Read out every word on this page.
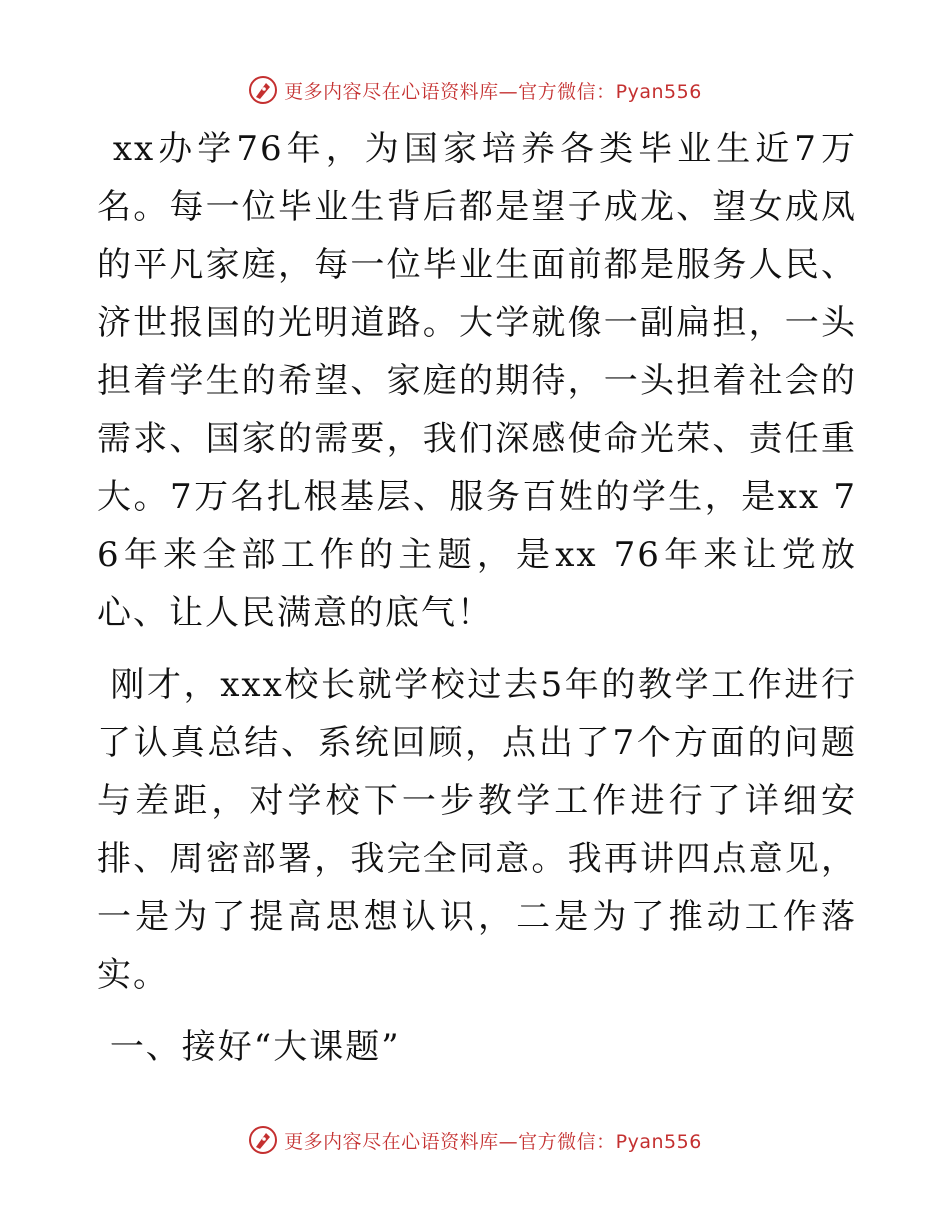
更多内容尽在心语资料库—官方微信：Pyan556

xx办学76年，为国家培养各类毕业生近7万名。每一位毕业生背后都是望子成龙、望女成凤的平凡家庭，每一位毕业生面前都是服务人民、济世报国的光明道路。大学就像一副扁担，一头担着学生的希望、家庭的期待，一头担着社会的需求、国家的需要，我们深感使命光荣、责任重大。7万名扎根基层、服务百姓的学生，是xx 76年来全部工作的主题，是xx 76年来让党放心、让人民满意的底气！

刚才，xxx校长就学校过去5年的教学工作进行了认真总结、系统回顾，点出了7个方面的问题与差距，对学校下一步教学工作进行了详细安排、周密部署，我完全同意。我再讲四点意见，一是为了提高思想认识，二是为了推动工作落实。

一、接好“大课题”

更多内容尽在心语资料库—官方微信：Pyan556
